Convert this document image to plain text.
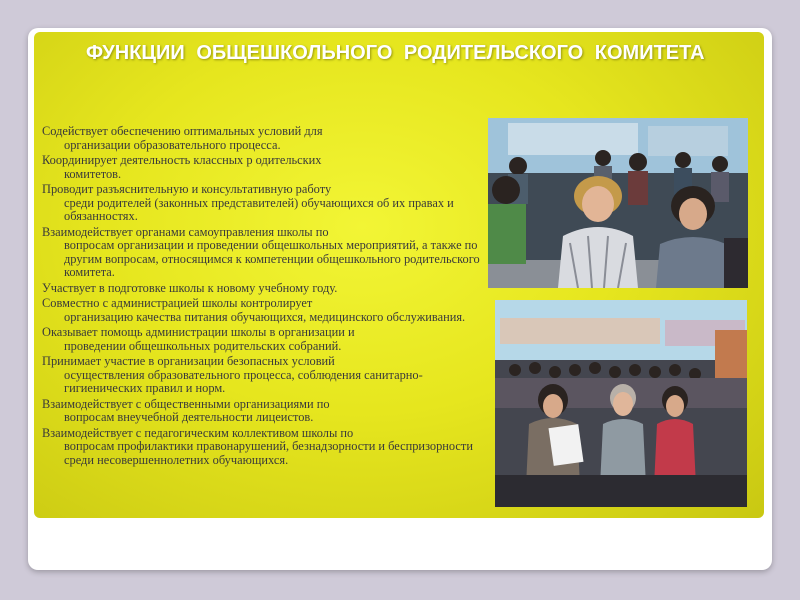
ФУНКЦИИ ОБЩЕШКОЛЬНОГО РОДИТЕЛЬСКОГО КОМИТЕТА
Содействует обеспечению оптимальных условий для
организации образовательного процесса.
Координирует деятельность классных р одительских
комитетов.
Проводит разъяснительную и консультативную работу
среди родителей (законных представителей) обучающихся об их правах и обязанностях.
Взаимодействует органами самоуправления школы по
вопросам организации и проведении общешкольных мероприятий, а также по другим вопросам, относящимся к компетенции общешкольного родительского комитета.
Участвует в подготовке школы к новому учебному году.
Совместно с администрацией школы контролирует
организацию качества питания обучающихся, медицинского обслуживания.
Оказывает помощь администрации школы в организации и
проведении общешкольных родительских собраний.
Принимает участие в организации безопасных условий
осуществления образовательного процесса, соблюдения санитарно-гигиенических правил и норм.
Взаимодействует с общественными организациями по
вопросам внеучебной деятельности лицеистов.
Взаимодействует с педагогическим коллективом школы по
вопросам профилактики правонарушений, безнадзорности и беспризорности среди несовершеннолетних обучающихся.
